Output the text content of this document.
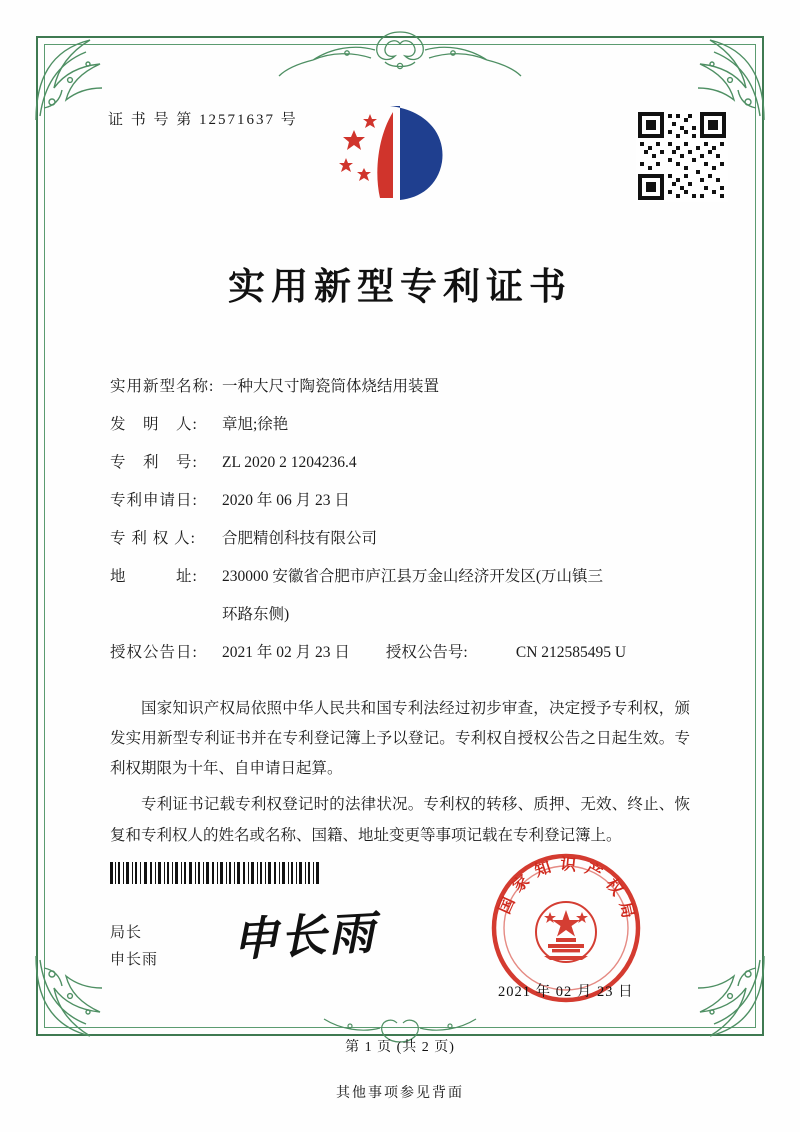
证 书 号 第 12571637 号
实用新型专利证书
实用新型名称: 一种大尺寸陶瓷筒体烧结用装置
发　明　人:	章旭;徐艳
专　利　号:	ZL 2020 2 1204236.4
专利申请日:	2020 年 06 月 23 日
专 利 权 人:	合肥精创科技有限公司
地　　　址:	230000 安徽省合肥市庐江县万金山经济开发区(万山镇三
环路东侧)
授权公告日:	2021 年 02 月 23 日 授权公告号:	CN 212585495 U
国家知识产权局依照中华人民共和国专利法经过初步审查，决定授予专利权，颁发实用新型专利证书并在专利登记簿上予以登记。专利权自授权公告之日起生效。专利权期限为十年、自申请日起算。
专利证书记载专利权登记时的法律状况。专利权的转移、质押、无效、终止、恢复和专利权人的姓名或名称、国籍、地址变更等事项记载在专利登记簿上。
申长雨
局长
申长雨
国家知识产权局
2021 年 02 月 23 日
第 1 页 (共 2 页)
其他事项参见背面
